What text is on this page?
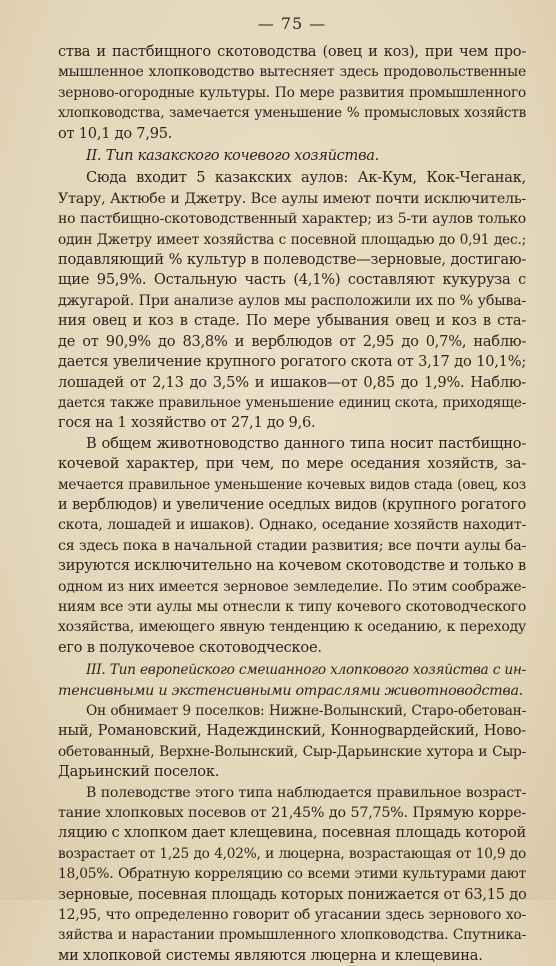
— 75 —
ства и пастбищного скотоводства (овец и коз), при чем про-
мышленное хлопководство вытесняет здесь продовольственные
зерново-огородные культуры. По мере развития промышленного
хлопководства, замечается уменьшение % промысловых хозяйств
от 10,1 до 7,95.
II. Тип казакского кочевого хозяйства.
Сюда входит 5 казакских аулов: Ак-Кум, Кок-Чеганак,
Утару, Актюбе и Джетру. Все аулы имеют почти исключитель-
но пастбищно-скотоводственный характер; из 5-ти аулов только
один Джетру имеет хозяйства с посевной площадью до 0,91 дес.;
подавляющий % культур в полеводстве—зерновые, достигаю-
щие 95,9%. Остальную часть (4,1%) составляют кукуруза с
джугарой. При анализе аулов мы расположили их по % убыва-
ния овец и коз в стаде. По мере убывания овец и коз в ста-
де от 90,9% до 83,8% и верблюдов от 2,95 до 0,7%, наблю-
дается увеличение крупного рогатого скота от 3,17 до 10,1%;
лошадей от 2,13 до 3,5% и ишаков—от 0,85 до 1,9%. Наблю-
дается также правильное уменьшение единиц скота, приходяще-
гося на 1 хозяйство от 27,1 до 9,6.
В общем животноводство данного типа носит пастбищно-
кочевой характер, при чем, по мере оседания хозяйств, за-
мечается правильное уменьшение кочевых видов стада (овец, коз
и верблюдов) и увеличение оседлых видов (крупного рогатого
скота, лошадей и ишаков). Однако, оседание хозяйств находит-
ся здесь пока в начальной стадии развития; все почти аулы ба-
зируются исключительно на кочевом скотоводстве и только в
одном из них имеется зерновое земледелие. По этим соображе-
ниям все эти аулы мы отнесли к типу кочевого скотоводческого
хозяйства, имеющего явную тенденцию к оседанию, к переходу
его в полукочевое скотоводческое.
III. Тип европейского смешанного хлопкового хозяйства с ин-
тенсивными и экстенсивными отраслями животноводства.
Он обнимает 9 поселков: Нижне-Волынский, Старо-обетован-
ный, Романовский, Надеждинский, Коннogвардейский, Ново-
обетованный, Верхне-Волынский, Сыр-Дарьинские хутора и Сыр-
Дарьинский поселок.
В полеводстве этого типа наблюдается правильное возраст-
тание хлопковых посевов от 21,45% до 57,75%. Прямую корре-
ляцию с хлопком дает клещевина, посевная площадь которой
возрастает от 1,25 до 4,02%, и люцерна, возрастающая от 10,9 до
18,05%. Обратную корреляцию со всеми этими культурами дают
зерновые, посевная площадь которых понижается от 63,15 до
12,95, что определенно говорит об угасании здесь зернового хо-
зяйства и нарастании промышленного хлопководства. Спутника-
ми хлопковой системы являются люцерна и клещевина.
